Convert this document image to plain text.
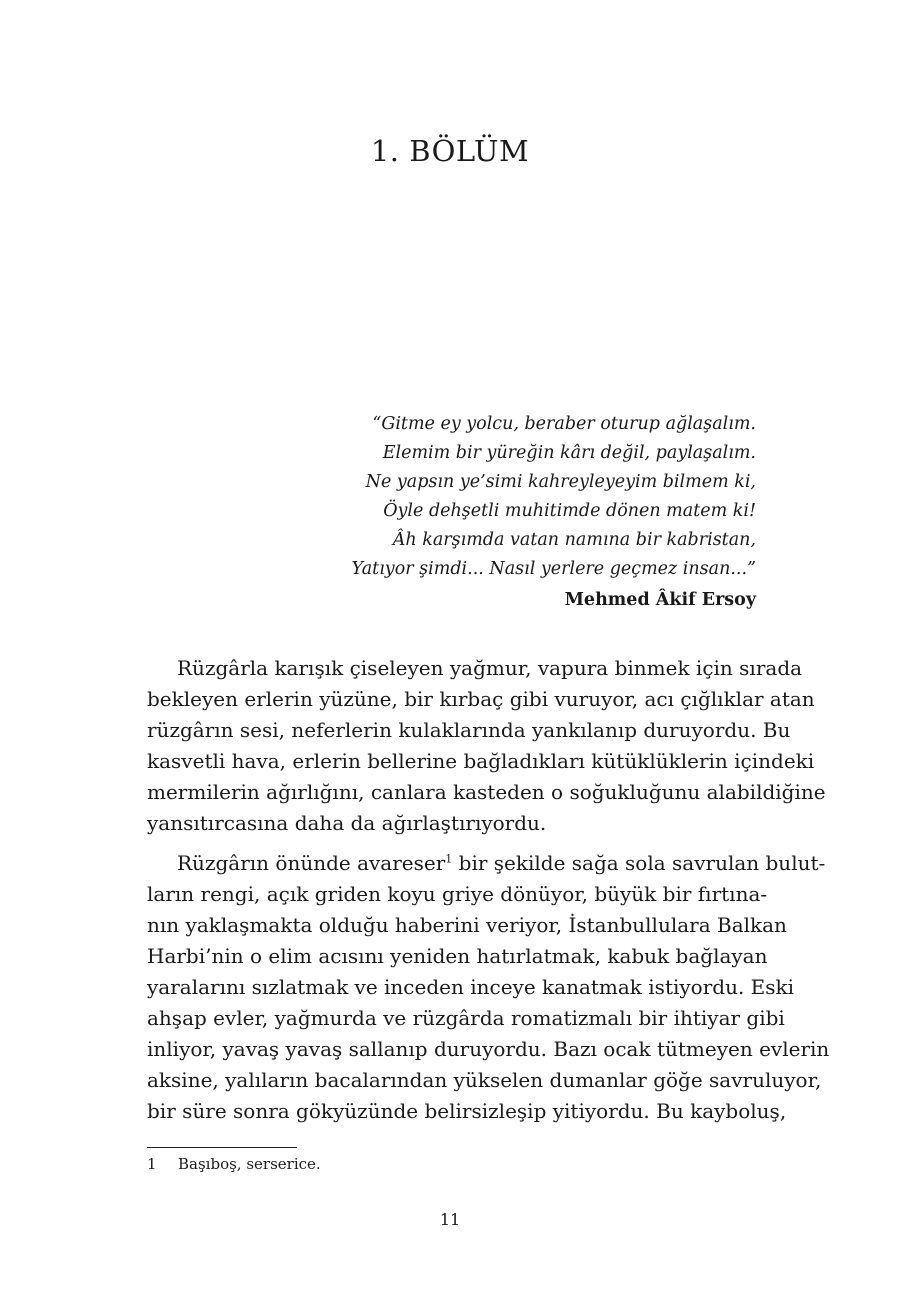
1. BÖLÜM
“Gitme ey yolcu, beraber oturup ağlaşalım.
Elemim bir yüreğin kârı değil, paylaşalım.
Ne yapsın ye’simi kahreyleyeyim bilmem ki,
Öyle dehşetli muhitimde dönen matem ki!
Âh karşımda vatan namına bir kabristan,
Yatıyor şimdi... Nasıl yerlere geçmez insan...”
Mehmed Âkif Ersoy

Rüzgârla karışık çiseleyen yağmur, vapura binmek için sırada
bekleyen erlerin yüzüne, bir kırbaç gibi vuruyor, acı çığlıklar atan
rüzgârın sesi, neferlerin kulaklarında yankılanıp duruyordu. Bu
kasvetli hava, erlerin bellerine bağladıkları kütüklüklerin içindeki
mermilerin ağırlığını, canlara kasteden o soğukluğunu alabildiğine
yansıtırcasına daha da ağırlaştırıyordu.

Rüzgârın önünde avareser$^1$ bir şekilde sağa sola savrulan bulut-
ların rengi, açık griden koyu griye dönüyor, büyük bir fırtına-
nın yaklaşmakta olduğu haberini veriyor, İstanbullulara Balkan
Harbi’nin o elim acısını yeniden hatırlatmak, kabuk bağlayan
yaralarını sızlatmak ve inceden inceye kanatmak istiyordu. Eski
ahşap evler, yağmurda ve rüzgârda romatizmalı bir ihtiyar gibi
inliyor, yavaş yavaş sallanıp duruyordu. Bazı ocak tütmeyen evlerin
aksine, yalıların bacalarından yükselen dumanlar göğe savruluyor,
bir süre sonra gökyüzünde belirsizleşip yitiyordu. Bu kayboluş,

1 Başıboş, serserice.
11
